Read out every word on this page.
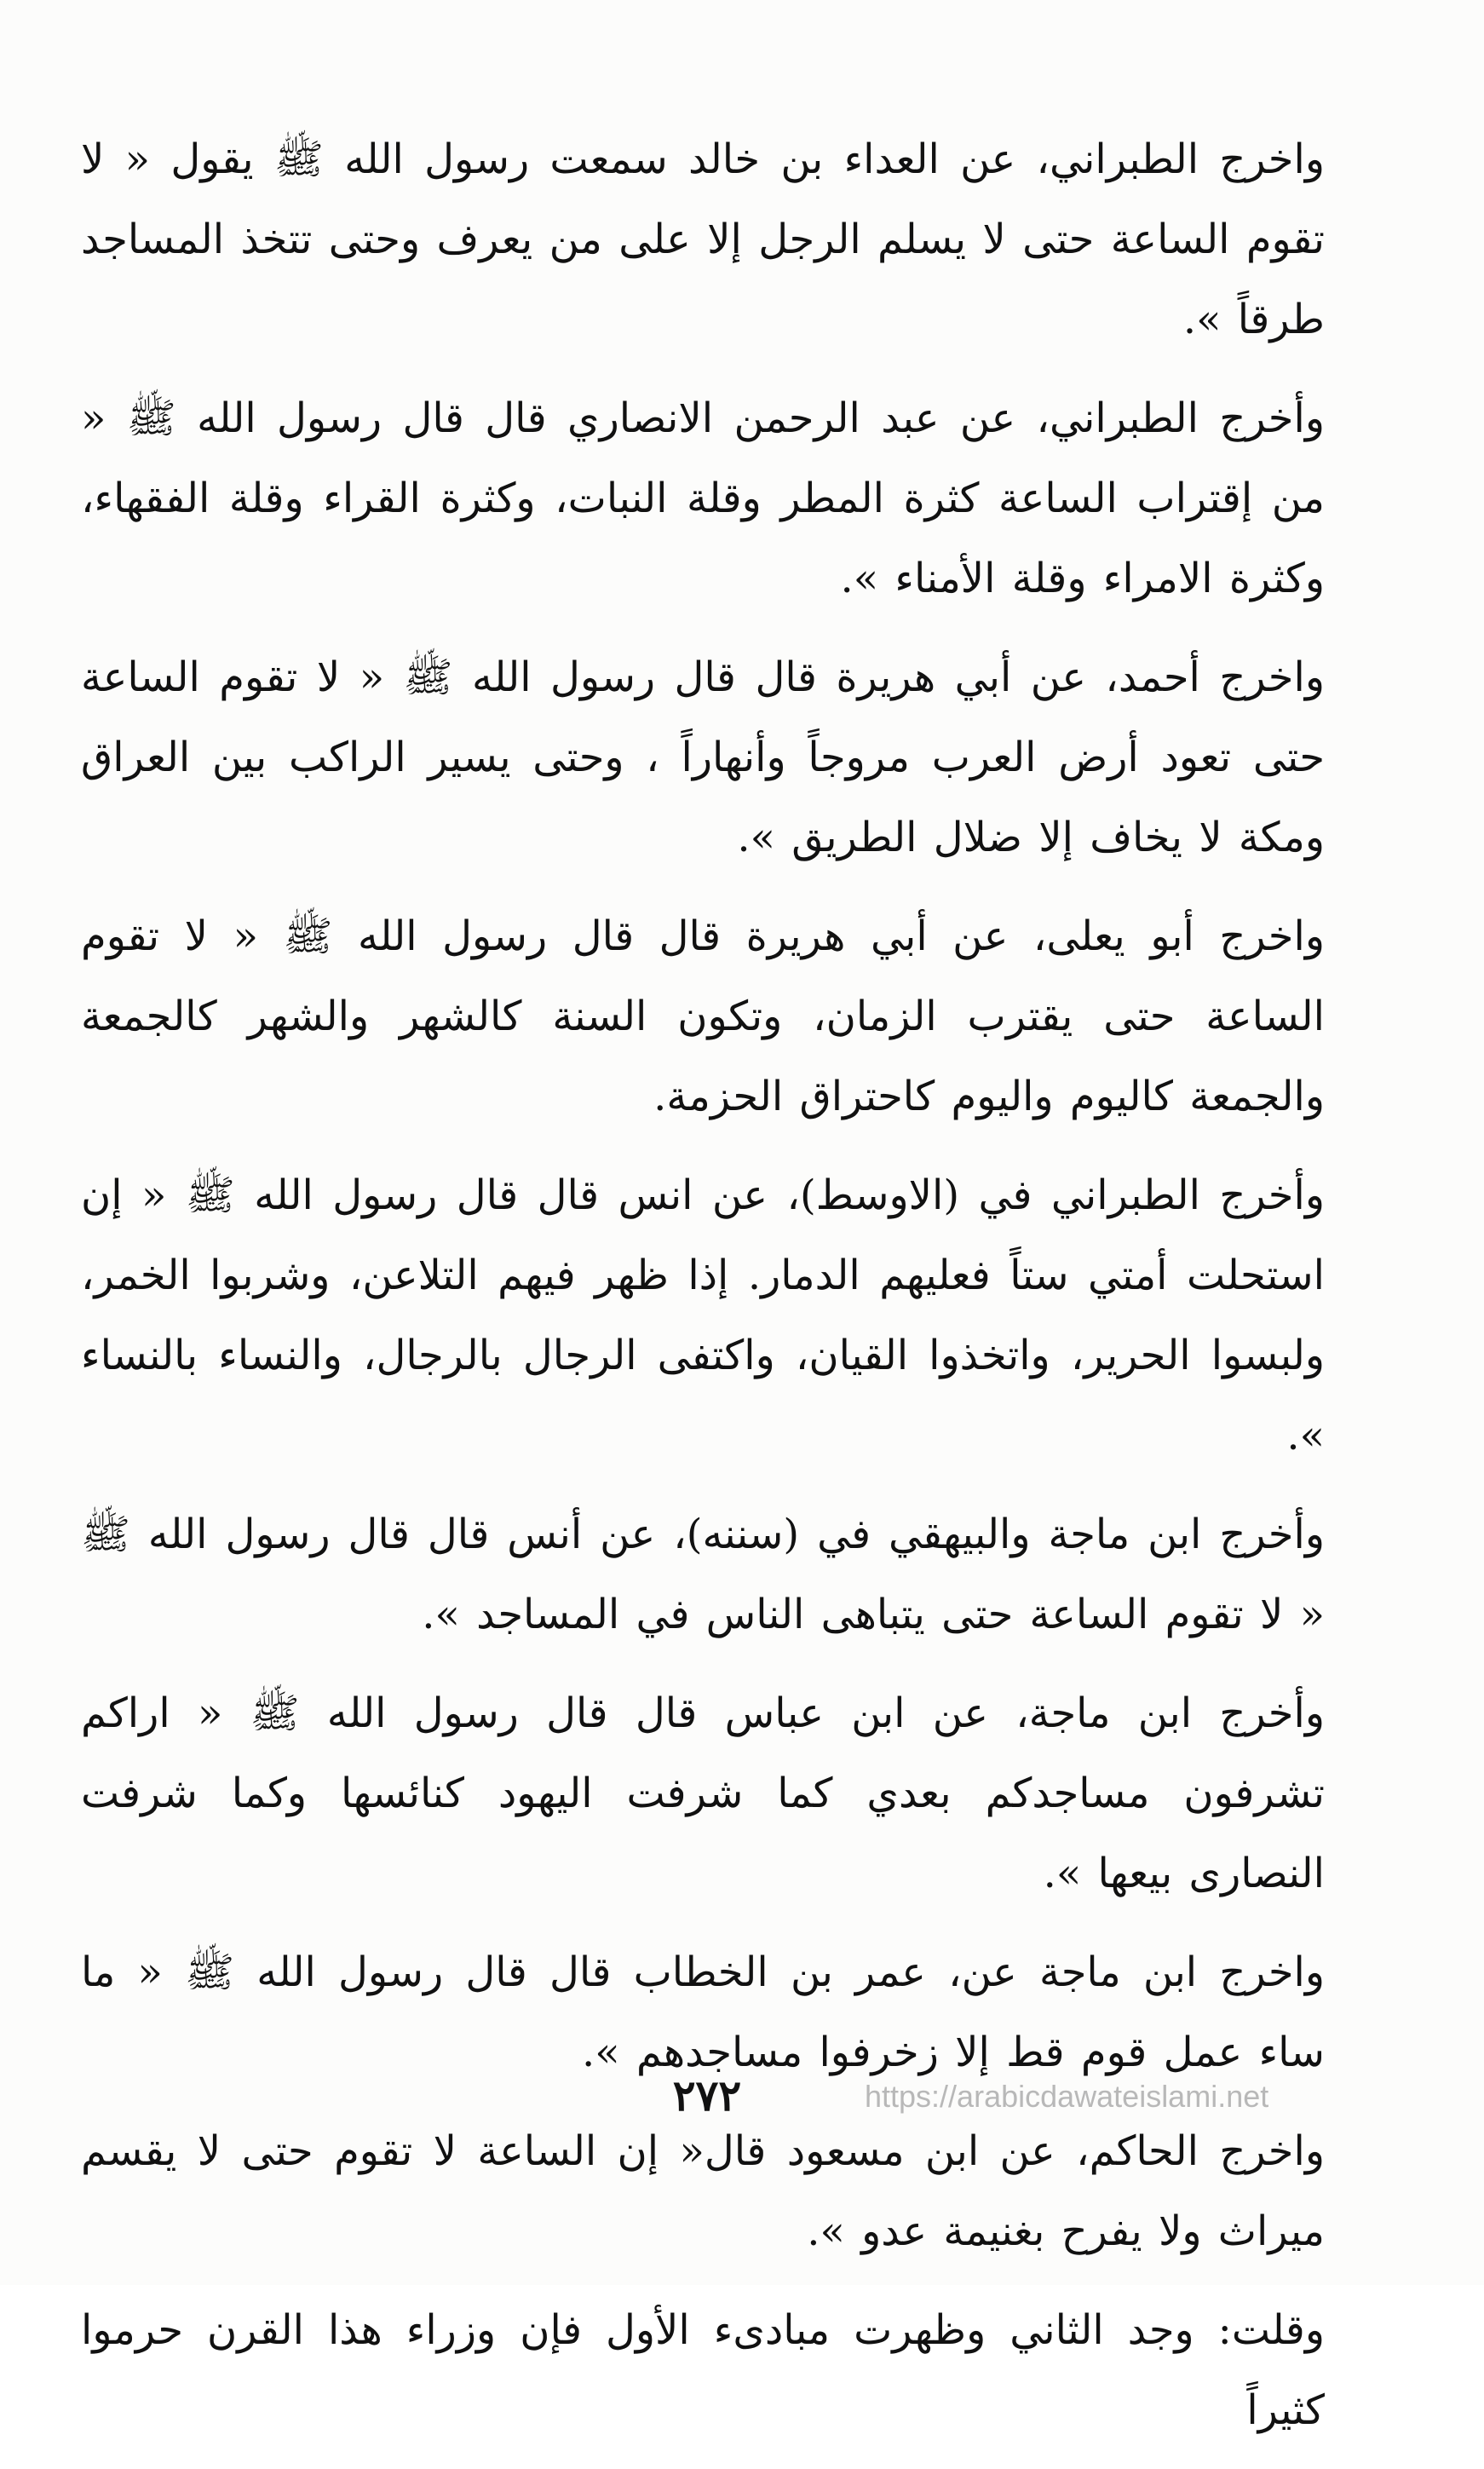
واخرج الطبراني، عن العداء بن خالد سمعت رسول الله ﷺ يقول « لا تقوم الساعة حتى لا يسلم الرجل إلا على من يعرف وحتى تتخذ المساجد طرقاً ».

وأخرج الطبراني، عن عبد الرحمن الانصاري قال قال رسول الله ﷺ « من إقتراب الساعة كثرة المطر وقلة النبات، وكثرة القراء وقلة الفقهاء، وكثرة الامراء وقلة الأمناء ».

واخرج أحمد، عن أبي هريرة قال قال رسول الله ﷺ « لا تقوم الساعة حتى تعود أرض العرب مروجاً وأنهاراً ، وحتى يسير الراكب بين العراق ومكة لا يخاف إلا ضلال الطريق ».

واخرج أبو يعلى، عن أبي هريرة قال قال رسول الله ﷺ « لا تقوم الساعة حتى يقترب الزمان، وتكون السنة كالشهر والشهر كالجمعة والجمعة كاليوم واليوم كاحتراق الحزمة.

وأخرج الطبراني في (الاوسط)، عن انس قال قال رسول الله ﷺ « إن استحلت أمتي ستاً فعليهم الدمار. إذا ظهر فيهم التلاعن، وشربوا الخمر، ولبسوا الحرير، واتخذوا القيان، واكتفى الرجال بالرجال، والنساء بالنساء ».

وأخرج ابن ماجة والبيهقي في (سننه)، عن أنس قال قال رسول الله ﷺ « لا تقوم الساعة حتى يتباهى الناس في المساجد ».

وأخرج ابن ماجة، عن ابن عباس قال قال رسول الله ﷺ « اراكم تشرفون مساجدكم بعدي كما شرفت اليهود كنائسها وكما شرفت النصارى بيعها ».

واخرج ابن ماجة عن، عمر بن الخطاب قال قال رسول الله ﷺ « ما ساء عمل قوم قط إلا زخرفوا مساجدهم ».

واخرج الحاكم، عن ابن مسعود قال« إن الساعة لا تقوم حتى لا يقسم ميراث ولا يفرح بغنيمة عدو ».

وقلت: وجد الثاني وظهرت مبادىء الأول فإن وزراء هذا القرن حرموا كثيراً

٢٧٢	https://arabicdawateislami.net
